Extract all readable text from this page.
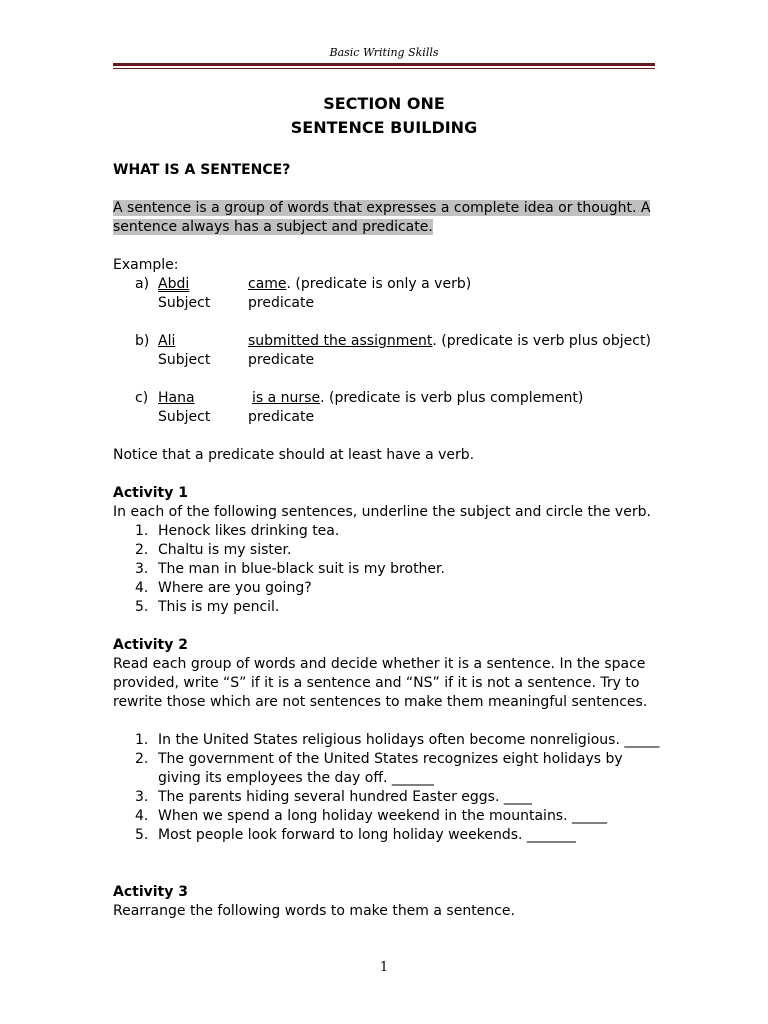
Basic Writing Skills
SECTION ONE
SENTENCE BUILDING
WHAT IS A SENTENCE?
A sentence is a group of words that expresses a complete idea or thought. A
sentence always has a subject and predicate.
Example:
a) Abdi	came. (predicate is only a verb)
Subject	predicate
b) Ali	submitted the assignment. (predicate is verb plus object)
Subject	predicate
c) Hana	is a nurse. (predicate is verb plus complement)
Subject	predicate
Notice that a predicate should at least have a verb.
Activity 1
In each of the following sentences, underline the subject and circle the verb.
1. Henock likes drinking tea.
2. Chaltu is my sister.
3. The man in blue-black suit is my brother.
4. Where are you going?
5. This is my pencil.
Activity 2
Read each group of words and decide whether it is a sentence. In the space
provided, write “S” if it is a sentence and “NS” if it is not a sentence. Try to
rewrite those which are not sentences to make them meaningful sentences.
1. In the United States religious holidays often become nonreligious. _____
2. The government of the United States recognizes eight holidays by
giving its employees the day off. ______
3. The parents hiding several hundred Easter eggs. ____
4. When we spend a long holiday weekend in the mountains. _____
5. Most people look forward to long holiday weekends. _______
Activity 3
Rearrange the following words to make them a sentence.
1
